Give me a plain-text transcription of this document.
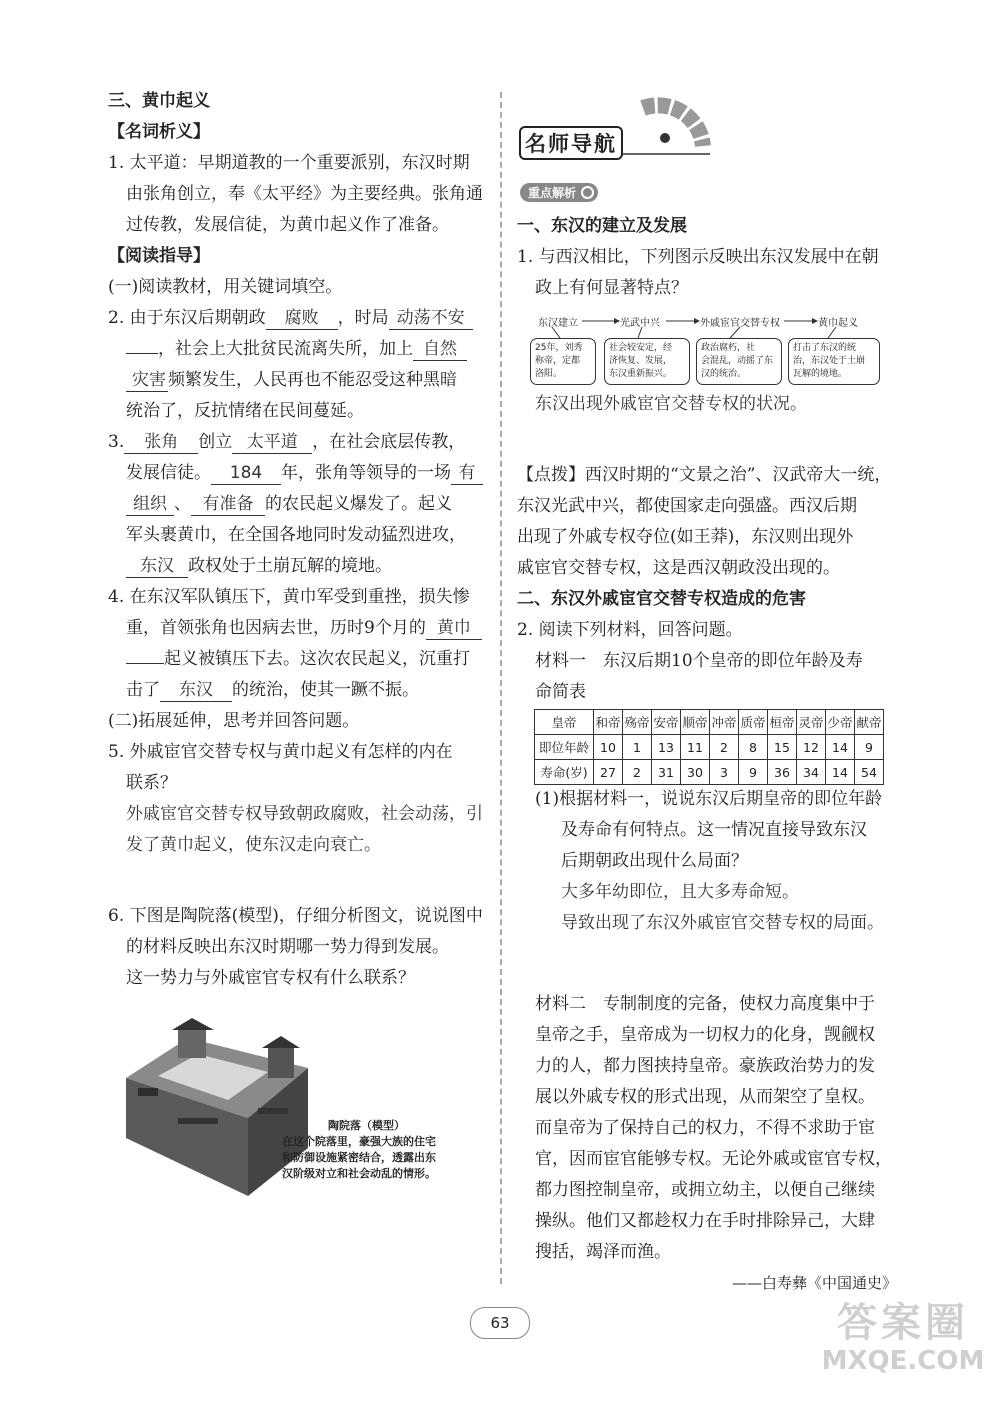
三、黄巾起义
【名词析义】
1. 太平道：早期道教的一个重要派别，东汉时期
由张角创立，奉《太平经》为主要经典。张角通
过传教，发展信徒，为黄巾起义作了准备。
【阅读指导】
(一)阅读教材，用关键词填空。
2. 由于东汉后期朝政 腐败 ，时局 动荡不安
，社会上大批贫民流离失所，加上 自然
灾害 频繁发生，人民再也不能忍受这种黑暗
统治了，反抗情绪在民间蔓延。
3. 张角 创立 太平道 ，在社会底层传教，
发展信徒。 184 年，张角等领导的一场 有
组织 、 有准备 的农民起义爆发了。起义
军头裹黄巾，在全国各地同时发动猛烈进攻，
东汉 政权处于土崩瓦解的境地。
4. 在东汉军队镇压下，黄巾军受到重挫，损失惨
重，首领张角也因病去世，历时9个月的 黄巾
起义被镇压下去。这次农民起义，沉重打
击了 东汉 的统治，使其一蹶不振。
(二)拓展延伸，思考并回答问题。
5. 外戚宦官交替专权与黄巾起义有怎样的内在
联系？
外戚宦官交替专权导致朝政腐败，社会动荡，引
发了黄巾起义，使东汉走向衰亡。
6. 下图是陶院落(模型)，仔细分析图文，说说图中
的材料反映出东汉时期哪一势力得到发展。
这一势力与外戚宦官专权有什么联系？
陶院落（模型）
在这个院落里，豪强大族的住宅
和防御设施紧密结合，透露出东
汉阶级对立和社会动乱的情形。
名师导航
重点解析
一、东汉的建立及发展
1. 与西汉相比，下列图示反映出东汉发展中在朝
政上有何显著特点？
东汉建立	光武中兴	外戚宦官交替专权	黄巾起义
25年，刘秀
称帝，定都
洛阳。
社会较安定，经
济恢复、发展，
东汉重新振兴。
政治腐朽，社
会混乱，动摇了东
汉的统治。
打击了东汉的统
治，东汉处于土崩
瓦解的境地。
东汉出现外戚宦官交替专权的状况。
【点拨】西汉时期的“文景之治”、汉武帝大一统，
东汉光武中兴，都使国家走向强盛。西汉后期
出现了外戚专权夺位(如王莽)，东汉则出现外
戚宦官交替专权，这是西汉朝政没出现的。
二、东汉外戚宦官交替专权造成的危害
2. 阅读下列材料，回答问题。
材料一　东汉后期10个皇帝的即位年龄及寿
命简表
皇帝	和帝	殇帝	安帝	顺帝	冲帝	质帝	桓帝	灵帝	少帝	献帝
即位年龄	10	1	13	11	2	8	15	12	14	9
寿命(岁)	27	2	31	30	3	9	36	34	14	54
(1)根据材料一，说说东汉后期皇帝的即位年龄
及寿命有何特点。这一情况直接导致东汉
后期朝政出现什么局面？
大多年幼即位，且大多寿命短。
导致出现了东汉外戚宦官交替专权的局面。
材料二　专制制度的完备，使权力高度集中于
皇帝之手，皇帝成为一切权力的化身，觊觎权
力的人，都力图挟持皇帝。豪族政治势力的发
展以外戚专权的形式出现，从而架空了皇权。
而皇帝为了保持自己的权力，不得不求助于宦
官，因而宦官能够专权。无论外戚或宦官专权，
都力图控制皇帝，或拥立幼主，以便自己继续
操纵。他们又都趁权力在手时排除异己，大肆
搜括，竭泽而渔。
——白寿彝《中国通史》
63	答案圈
MXQE.COM
